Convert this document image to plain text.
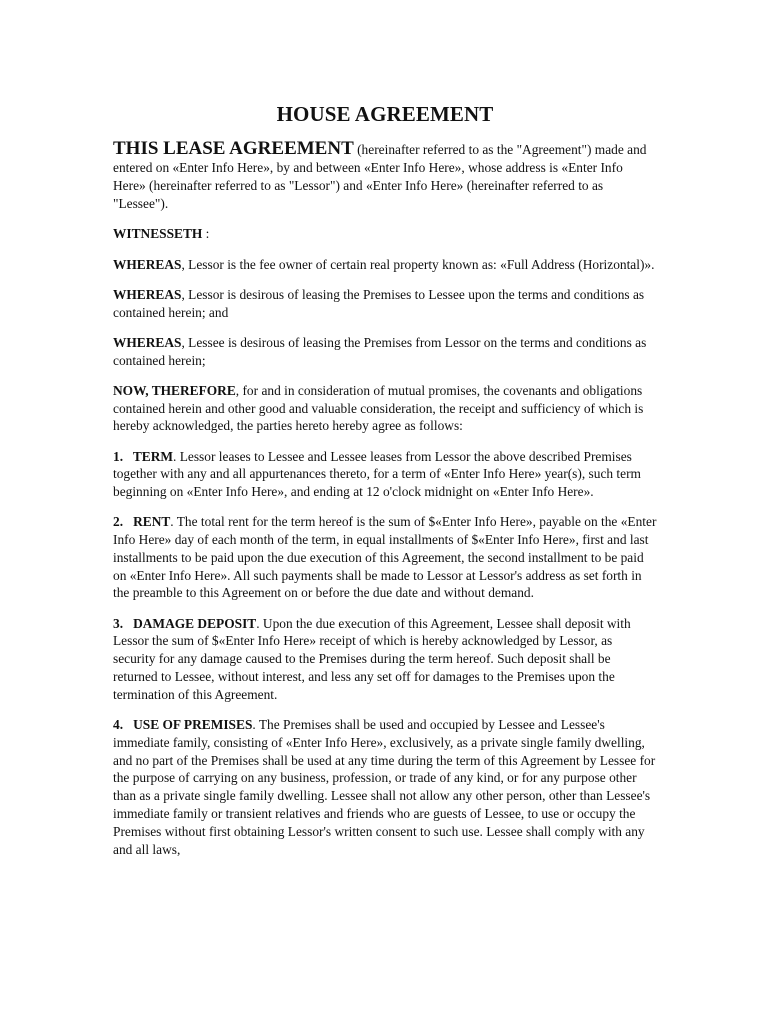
HOUSE AGREEMENT

THIS LEASE AGREEMENT (hereinafter referred to as the "Agreement") made and entered on «Enter Info Here», by and between «Enter Info Here», whose address is «Enter Info Here» (hereinafter referred to as "Lessor") and «Enter Info Here» (hereinafter referred to as "Lessee").

WITNESSETH :

WHEREAS, Lessor is the fee owner of certain real property known as: «Full Address (Horizontal)».

WHEREAS, Lessor is desirous of leasing the Premises to Lessee upon the terms and conditions as contained herein; and

WHEREAS, Lessee is desirous of leasing the Premises from Lessor on the terms and conditions as contained herein;

NOW, THEREFORE, for and in consideration of mutual promises, the covenants and obligations contained herein and other good and valuable consideration, the receipt and sufficiency of which is hereby acknowledged, the parties hereto hereby agree as follows:

1.   TERM. Lessor leases to Lessee and Lessee leases from Lessor the above described Premises together with any and all appurtenances thereto, for a term of «Enter Info Here» year(s), such term beginning on «Enter Info Here», and ending at 12 o'clock midnight on «Enter Info Here».

2.   RENT. The total rent for the term hereof is the sum of $«Enter Info Here», payable on the «Enter Info Here» day of each month of the term, in equal installments of $«Enter Info Here», first and last installments to be paid upon the due execution of this Agreement, the second installment to be paid on «Enter Info Here». All such payments shall be made to Lessor at Lessor's address as set forth in the preamble to this Agreement on or before the due date and without demand.

3.   DAMAGE DEPOSIT. Upon the due execution of this Agreement, Lessee shall deposit with Lessor the sum of $«Enter Info Here» receipt of which is hereby acknowledged by Lessor, as security for any damage caused to the Premises during the term hereof. Such deposit shall be returned to Lessee, without interest, and less any set off for damages to the Premises upon the termination of this Agreement.

4.   USE OF PREMISES. The Premises shall be used and occupied by Lessee and Lessee's immediate family, consisting of «Enter Info Here», exclusively, as a private single family dwelling, and no part of the Premises shall be used at any time during the term of this Agreement by Lessee for the purpose of carrying on any business, profession, or trade of any kind, or for any purpose other than as a private single family dwelling. Lessee shall not allow any other person, other than Lessee's immediate family or transient relatives and friends who are guests of Lessee, to use or occupy the Premises without first obtaining Lessor's written consent to such use. Lessee shall comply with any and all laws,
